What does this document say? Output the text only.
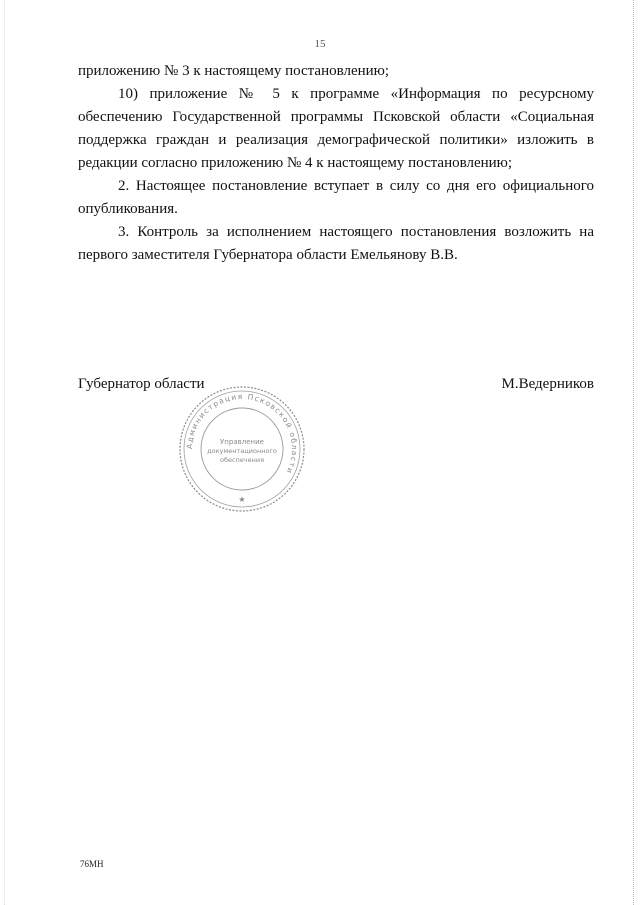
15

приложению № 3 к настоящему постановлению;

10) приложение № 5 к программе «Информация по ресурсному обеспечению Государственной программы Псковской области «Социальная поддержка граждан и реализация демографической политики» изложить в редакции согласно приложению № 4 к настоящему постановлению;

2. Настоящее постановление вступает в силу со дня его официального опубликования.

3. Контроль за исполнением настоящего постановления возложить на первого заместителя Губернатора области Емельянову В.В.

Губернатор области	М.Ведерников
Администрация Псковской области
Управление
документационного
обеспечения
★
76МН
